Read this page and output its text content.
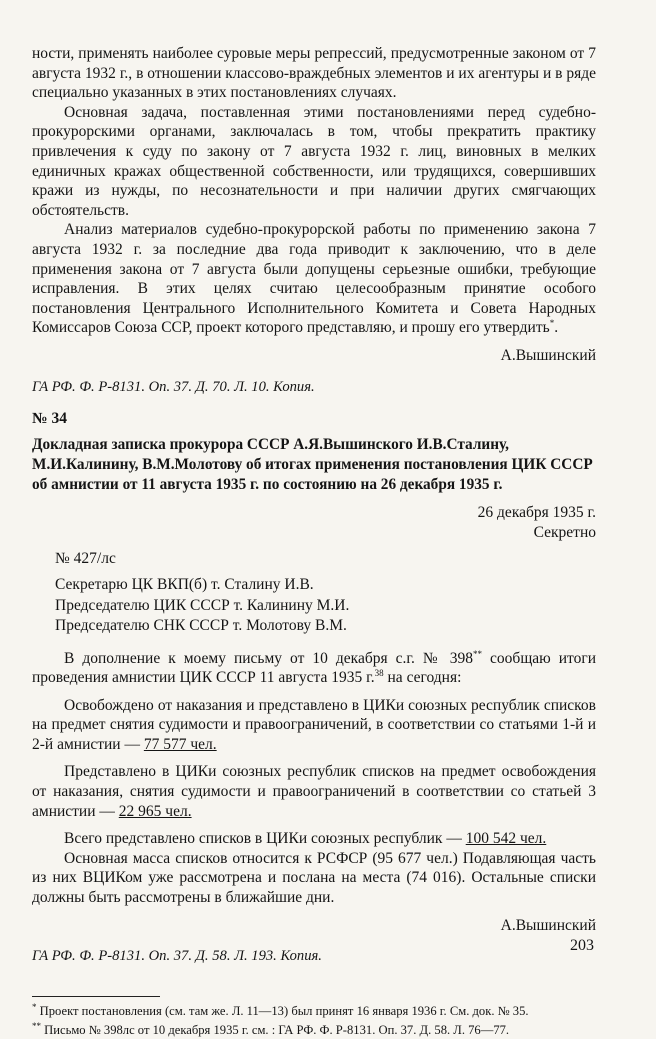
ности, применять наиболее суровые меры репрессий, предусмотренные законом от 7 августа 1932 г., в отношении классово-враждебных элементов и их агентуры и в ряде специально указанных в этих постановлениях случаях.

Основная задача, поставленная этими постановлениями перед судебно-прокурорскими органами, заключалась в том, чтобы прекратить практику привлечения к суду по закону от 7 августа 1932 г. лиц, виновных в мелких единичных кражах общественной собственности, или трудящихся, совершивших кражи из нужды, по несознательности и при наличии других смягчающих обстоятельств.

Анализ материалов судебно-прокурорской работы по применению закона 7 августа 1932 г. за последние два года приводит к заключению, что в деле применения закона от 7 августа были допущены серьезные ошибки, требующие исправления. В этих целях считаю целесообразным принятие особого постановления Центрального Исполнительного Комитета и Совета Народных Комиссаров Союза ССР, проект которого представляю, и прошу его утвердить*.

А.Вышинский
ГА РФ. Ф. Р-8131. Оп. 37. Д. 70. Л. 10. Копия.
№ 34
Докладная записка прокурора СССР А.Я.Вышинского И.В.Сталину, М.И.Калинину, В.М.Молотову об итогах применения постановления ЦИК СССР об амнистии от 11 августа 1935 г. по состоянию на 26 декабря 1935 г.
26 декабря 1935 г.
Секретно
№ 427/лс
Секретарю ЦК ВКП(б) т. Сталину И.В.
Председателю ЦИК СССР т. Калинину М.И.
Председателю СНК СССР т. Молотову В.М.

В дополнение к моему письму от 10 декабря с.г. № 398** сообщаю итоги проведения амнистии ЦИК СССР 11 августа 1935 г.$^{38}$ на сегодня:

Освобождено от наказания и представлено в ЦИКи союзных республик списков на предмет снятия судимости и правоограничений, в соответствии со статьями 1-й и 2-й амнистии — 77 577 чел.

Представлено в ЦИКи союзных республик списков на предмет освобождения от наказания, снятия судимости и правоограничений в соответствии со статьей 3 амнистии — 22 965 чел.

Всего представлено списков в ЦИКи союзных республик — 100 542 чел.

Основная масса списков относится к РСФСР (95 677 чел.) Подавляющая часть из них ВЦИКом уже рассмотрена и послана на места (74 016). Остальные списки должны быть рассмотрены в ближайшие дни.

А.Вышинский
ГА РФ. Ф. Р-8131. Оп. 37. Д. 58. Л. 193. Копия.
* Проект постановления (см. там же. Л. 11—13) был принят 16 января 1936 г. См. док. № 35.
** Письмо № 398лс от 10 декабря 1935 г. см. : ГА РФ. Ф. Р-8131. Оп. 37. Д. 58. Л. 76—77.
203
